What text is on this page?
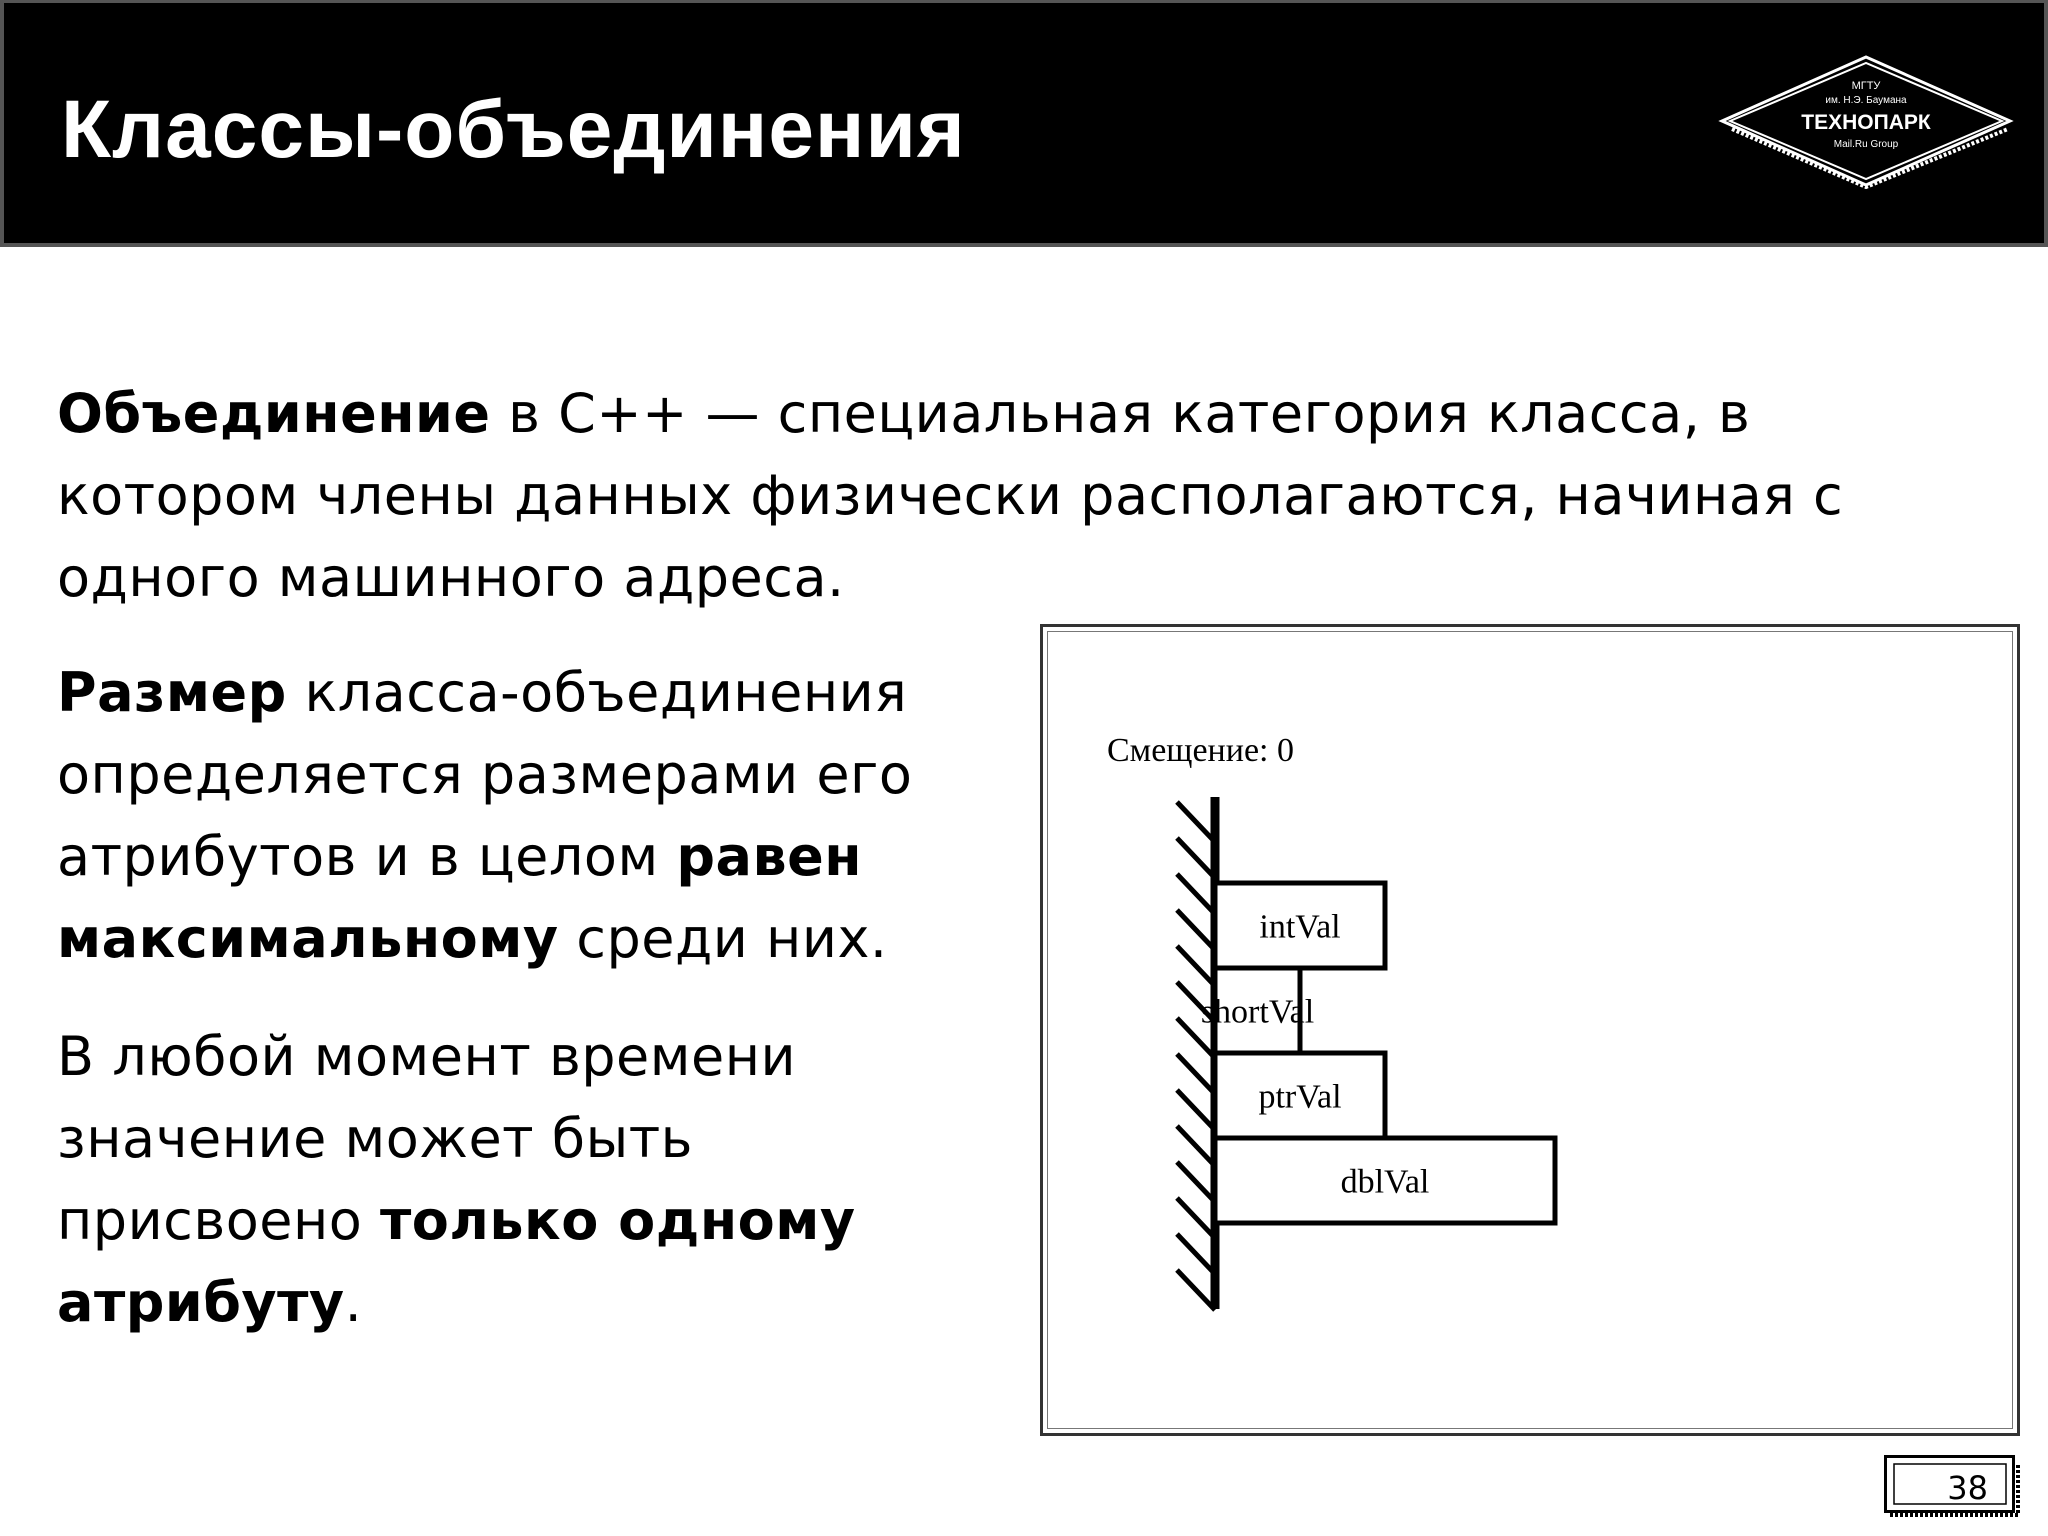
Классы-объединения	МГТУ
им. Н.Э. Баумана
ТЕХНОПАРК
Mail.Ru Group
Объединение в C++ — специальная категория класса, в котором члены данных физически располагаются, начиная с одного машинного адреса.
Размер класса-объединения определяется размерами его атрибутов и в целом равен максимальному среди них.
В любой момент времени значение может быть присвоено только одному атрибуту.
Смещение: 0
intVal
shortVal
ptrVal
dblVal
38
